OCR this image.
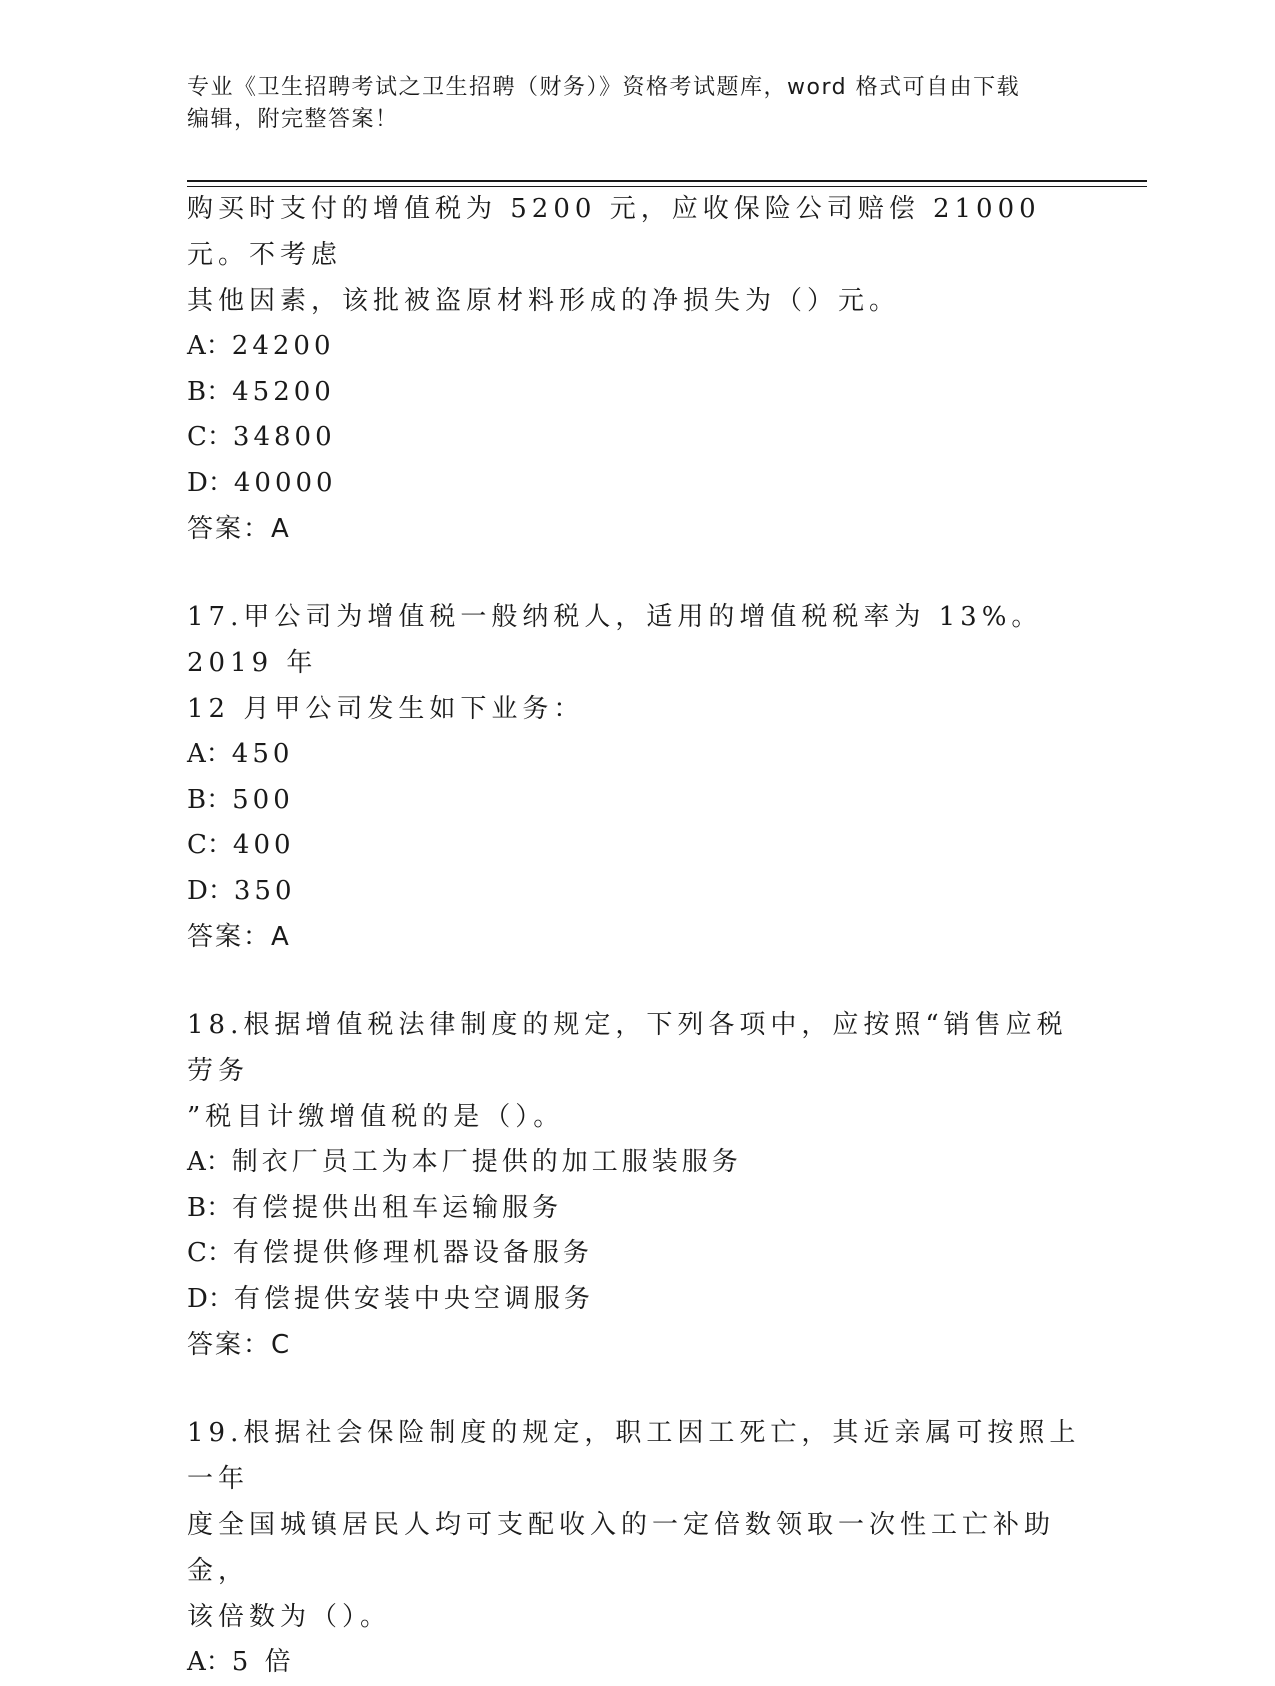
专业《卫生招聘考试之卫生招聘（财务）》资格考试题库，word 格式可自由下载
编辑，附完整答案！

购买时支付的增值税为 5200 元，应收保险公司赔偿 21000 元。不考虑

其他因素，该批被盗原材料形成的净损失为（）元。

A：24200

B：45200

C：34800

D：40000

答案：A

17.甲公司为增值税一般纳税人，适用的增值税税率为 13%。2019 年

12 月甲公司发生如下业务：

A：450

B：500

C：400

D：350

答案：A

18.根据增值税法律制度的规定，下列各项中，应按照“销售应税劳务

”税目计缴增值税的是（）。

A：制衣厂员工为本厂提供的加工服装服务

B：有偿提供出租车运输服务

C：有偿提供修理机器设备服务

D：有偿提供安装中央空调服务

答案：C

19.根据社会保险制度的规定，职工因工死亡，其近亲属可按照上一年

度全国城镇居民人均可支配收入的一定倍数领取一次性工亡补助金，

该倍数为（）。

A：5 倍
